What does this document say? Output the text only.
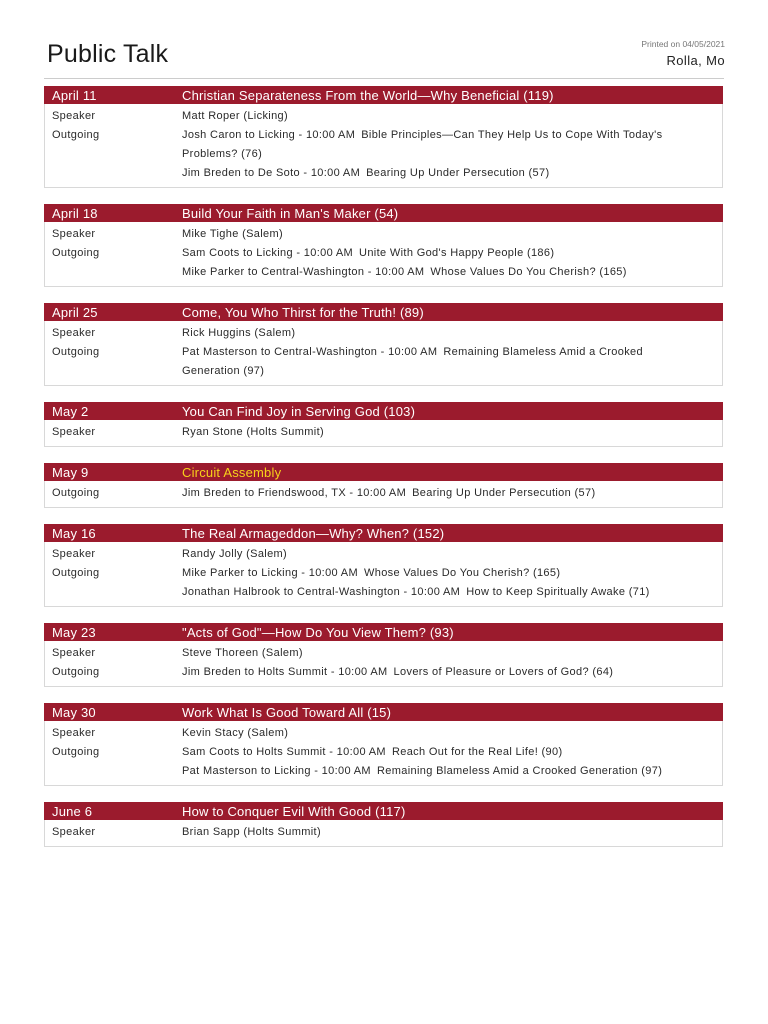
Public Talk	Printed on 04/05/2021
Rolla, Mo
April 11	Christian Separateness From the World—Why Beneficial (119)
Speaker	Matt Roper (Licking)
Outgoing	Josh Caron to Licking - 10:00 AM Bible Principles—Can They Help Us to Cope With Today's Problems? (76)
Jim Breden to De Soto - 10:00 AM Bearing Up Under Persecution (57)
April 18	Build Your Faith in Man's Maker (54)
Speaker	Mike Tighe (Salem)
Outgoing	Sam Coots to Licking - 10:00 AM Unite With God's Happy People (186)
Mike Parker to Central-Washington - 10:00 AM Whose Values Do You Cherish? (165)
April 25	Come, You Who Thirst for the Truth! (89)
Speaker	Rick Huggins (Salem)
Outgoing	Pat Masterson to Central-Washington - 10:00 AM Remaining Blameless Amid a Crooked Generation (97)
May 2	You Can Find Joy in Serving God (103)
Speaker	Ryan Stone (Holts Summit)
May 9	Circuit Assembly
Outgoing	Jim Breden to Friendswood, TX - 10:00 AM Bearing Up Under Persecution (57)
May 16	The Real Armageddon—Why? When? (152)
Speaker	Randy Jolly (Salem)
Outgoing	Mike Parker to Licking - 10:00 AM Whose Values Do You Cherish? (165)
Jonathan Halbrook to Central-Washington - 10:00 AM How to Keep Spiritually Awake (71)
May 23	"Acts of God"—How Do You View Them? (93)
Speaker	Steve Thoreen (Salem)
Outgoing	Jim Breden to Holts Summit - 10:00 AM Lovers of Pleasure or Lovers of God? (64)
May 30	Work What Is Good Toward All (15)
Speaker	Kevin Stacy (Salem)
Outgoing	Sam Coots to Holts Summit - 10:00 AM Reach Out for the Real Life! (90)
Pat Masterson to Licking - 10:00 AM Remaining Blameless Amid a Crooked Generation (97)
June 6	How to Conquer Evil With Good (117)
Speaker	Brian Sapp (Holts Summit)
